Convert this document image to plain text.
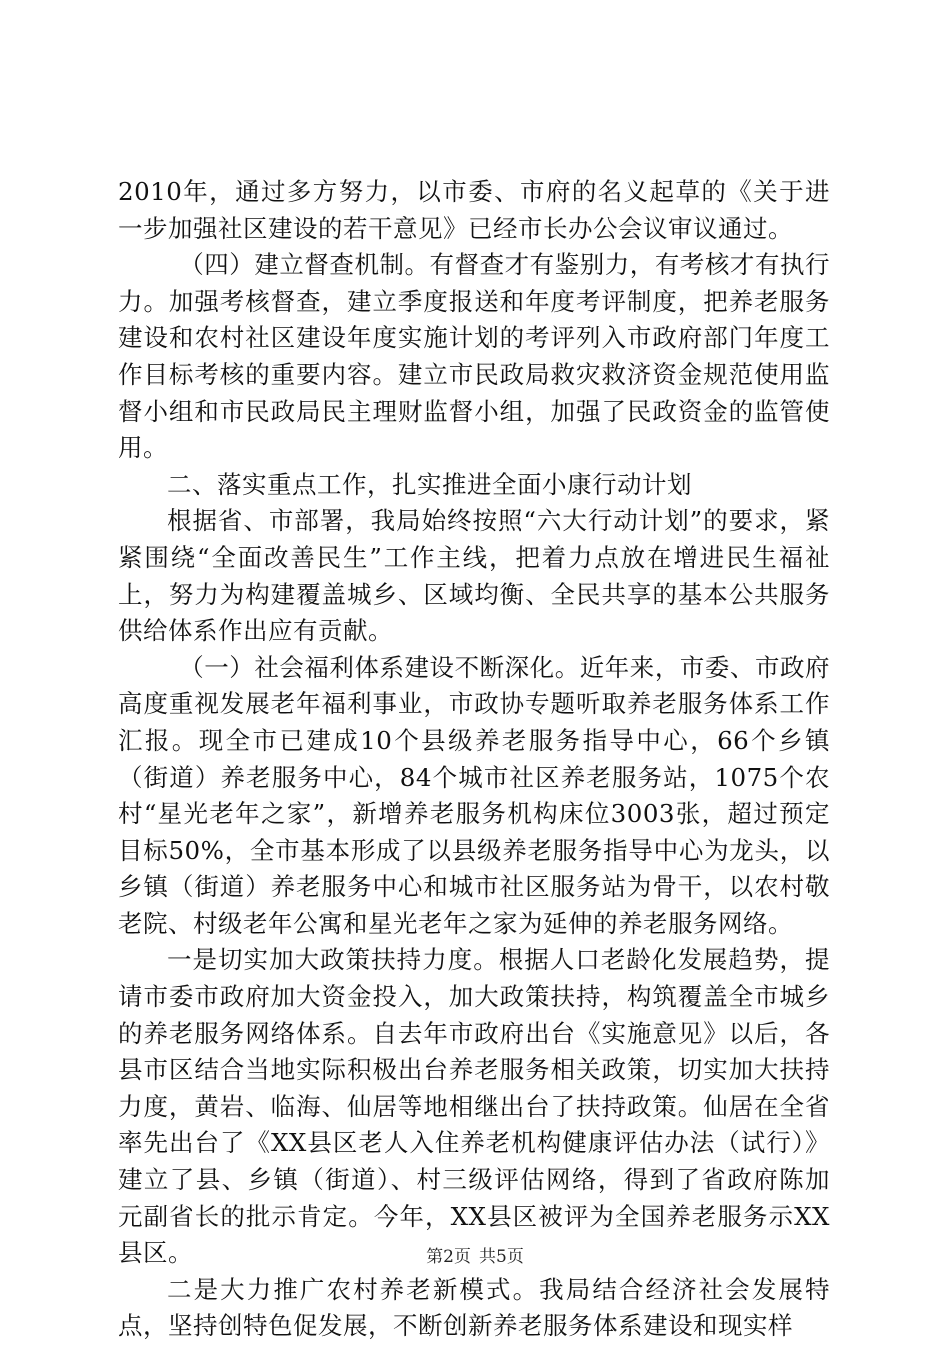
2010年，通过多方努力，以市委、市府的名义起草的《关于进一步加强社区建设的若干意见》已经市长办公会议审议通过。

（四）建立督查机制。有督查才有鉴别力，有考核才有执行力。加强考核督查，建立季度报送和年度考评制度，把养老服务建设和农村社区建设年度实施计划的考评列入市政府部门年度工作目标考核的重要内容。建立市民政局救灾救济资金规范使用监督小组和市民政局民主理财监督小组，加强了民政资金的监管使用。

二、落实重点工作，扎实推进全面小康行动计划

根据省、市部署，我局始终按照“六大行动计划”的要求，紧紧围绕“全面改善民生”工作主线，把着力点放在增进民生福祉上，努力为构建覆盖城乡、区域均衡、全民共享的基本公共服务供给体系作出应有贡献。

（一）社会福利体系建设不断深化。近年来，市委、市政府高度重视发展老年福利事业，市政协专题听取养老服务体系工作汇报。现全市已建成10个县级养老服务指导中心，66个乡镇（街道）养老服务中心，84个城市社区养老服务站，1075个农村“星光老年之家”，新增养老服务机构床位3003张，超过预定目标50%，全市基本形成了以县级养老服务指导中心为龙头，以乡镇（街道）养老服务中心和城市社区服务站为骨干，以农村敬老院、村级老年公寓和星光老年之家为延伸的养老服务网络。

一是切实加大政策扶持力度。根据人口老龄化发展趋势，提请市委市政府加大资金投入，加大政策扶持，构筑覆盖全市城乡的养老服务网络体系。自去年市政府出台《实施意见》以后，各县市区结合当地实际积极出台养老服务相关政策，切实加大扶持力度，黄岩、临海、仙居等地相继出台了扶持政策。仙居在全省率先出台了《XX县区老人入住养老机构健康评估办法（试行）》建立了县、乡镇（街道）、村三级评估网络，得到了省政府陈加元副省长的批示肯定。今年，XX县区被评为全国养老服务示XX县区。

二是大力推广农村养老新模式。我局结合经济社会发展特点，坚持创特色促发展，不断创新养老服务体系建设和现实样

第2页 共5页
